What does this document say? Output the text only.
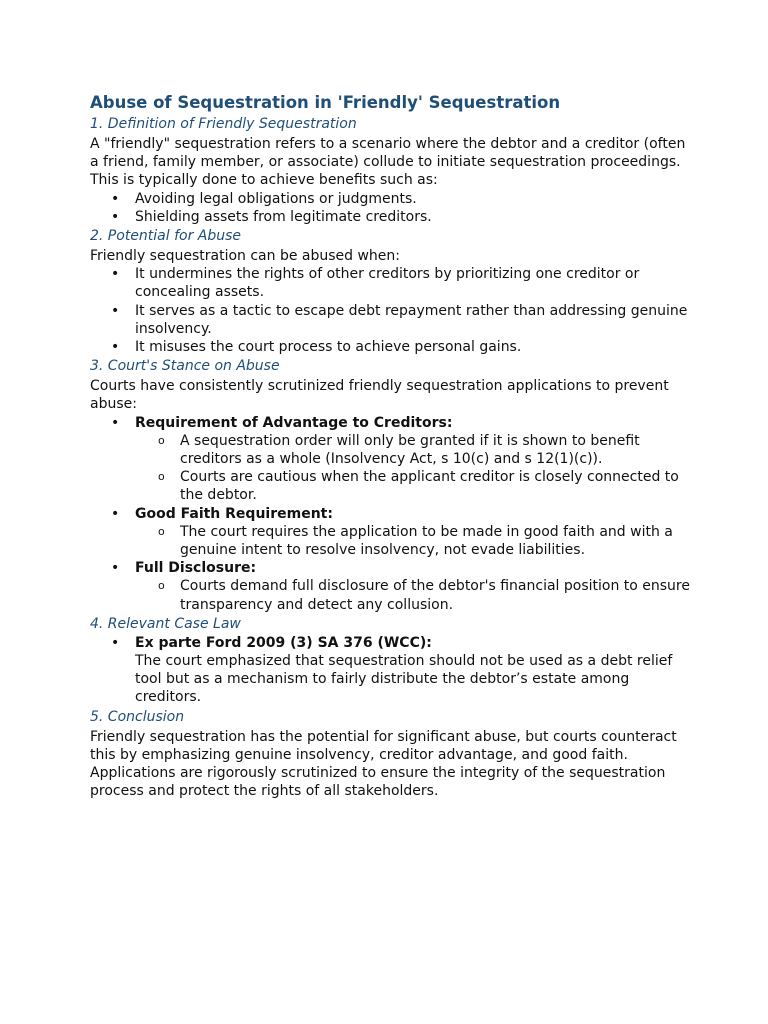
Abuse of Sequestration in 'Friendly' Sequestration
1. Definition of Friendly Sequestration

A "friendly" sequestration refers to a scenario where the debtor and a creditor (often a friend, family member, or associate) collude to initiate sequestration proceedings. This is typically done to achieve benefits such as:

• Avoiding legal obligations or judgments.
• Shielding assets from legitimate creditors.
2. Potential for Abuse

Friendly sequestration can be abused when:

• It undermines the rights of other creditors by prioritizing one creditor or concealing assets.
• It serves as a tactic to escape debt repayment rather than addressing genuine insolvency.
• It misuses the court process to achieve personal gains.
3. Court's Stance on Abuse

Courts have consistently scrutinized friendly sequestration applications to prevent abuse:

• Requirement of Advantage to Creditors:
o A sequestration order will only be granted if it is shown to benefit creditors as a whole (Insolvency Act, s 10(c) and s 12(1)(c)).
o Courts are cautious when the applicant creditor is closely connected to the debtor.
• Good Faith Requirement:
o The court requires the application to be made in good faith and with a genuine intent to resolve insolvency, not evade liabilities.
• Full Disclosure:
o Courts demand full disclosure of the debtor's financial position to ensure transparency and detect any collusion.
4. Relevant Case Law
• Ex parte Ford 2009 (3) SA 376 (WCC):
The court emphasized that sequestration should not be used as a debt relief tool but as a mechanism to fairly distribute the debtor’s estate among creditors.
5. Conclusion

Friendly sequestration has the potential for significant abuse, but courts counteract this by emphasizing genuine insolvency, creditor advantage, and good faith. Applications are rigorously scrutinized to ensure the integrity of the sequestration process and protect the rights of all stakeholders.
